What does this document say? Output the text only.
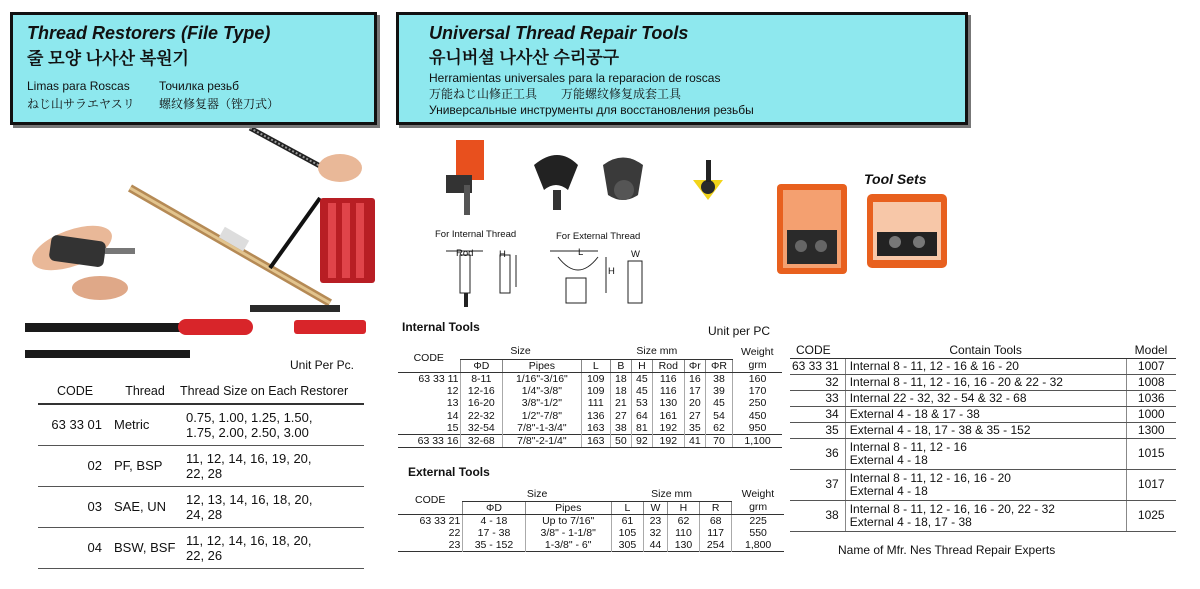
Thread Restorers (File Type)
줄 모양 나사산 복원기
Limas para Roscas Точилка резьб
ねじ山サラエヤスリ 螺纹修复器（锉刀式）
Universal Thread Repair Tools
유니버셜 나사산 수리공구
Herramientas universales para la reparacion de roscas
万能ねじ山修正工具　　万能螺纹修复成套工具
Универсальные инструменты для восстановления резьбы
For Internal Thread	For External Thread
Rod	H	L
H
W
Tool Sets
Unit Per Pc.
CODE	Thread	Thread Size on Each Restorer
63 33 01	Metric	0.75, 1.00, 1.25, 1.50,
1.75, 2.00, 2.50, 3.00

02	PF, BSP	11, 12, 14, 16, 19, 20,
22, 28

03	SAE, UN	12, 13, 14, 16, 18, 20,
24, 28

04	BSW, BSF	11, 12, 14, 16, 18, 20,
22, 26
Internal Tools	Unit per PC
CODE	Size		Size mm						Weight
	ΦD	Pipes	L	B	H	Rod	Φr	ΦR	grm
63 33 11	8-11	1/16"-3/16"	109	18	45	116	16	38	160
12	12-16	1/4"-3/8"	109	18	45	116	17	39	170
13	16-20	3/8"-1/2"	111	21	53	130	20	45	250
14	22-32	1/2"-7/8"	136	27	64	161	27	54	450
15	32-54	7/8"-1-3/4"	163	38	81	192	35	62	950
63 33 16	32-68	7/8"-2-1/4"	163	50	92	192	41	70	1,100
External Tools
CODE	Size		Size mm				Weight
	ΦD	Pipes	L	W	H	R	grm
63 33 21	4 - 18	Up to 7/16"	61	23	62	68	225
22	17 - 38	3/8" - 1-1/8"	105	32	110	117	550
23	35 - 152	1-3/8" - 6"	305	44	130	254	1,800
CODE	Contain Tools	Model
63 33 31	Internal 8 - 11, 12 - 16 & 16 - 20	1007
32	Internal 8 - 11, 12 - 16, 16 - 20 & 22 - 32	1008
33	Internal 22 - 32, 32 - 54 & 32 - 68	1036
34	External 4 - 18 & 17 - 38	1000
35	External 4 - 18, 17 - 38 & 35 - 152	1300
36	Internal 8 - 11, 12 - 16
External 4 - 18	1015
37	Internal 8 - 11, 12 - 16, 16 - 20
External 4 - 18	1017
38	Internal 8 - 11, 12 - 16, 16 - 20, 22 - 32
External 4 - 18, 17 - 38	1025
Name of Mfr. Nes Thread Repair Experts
